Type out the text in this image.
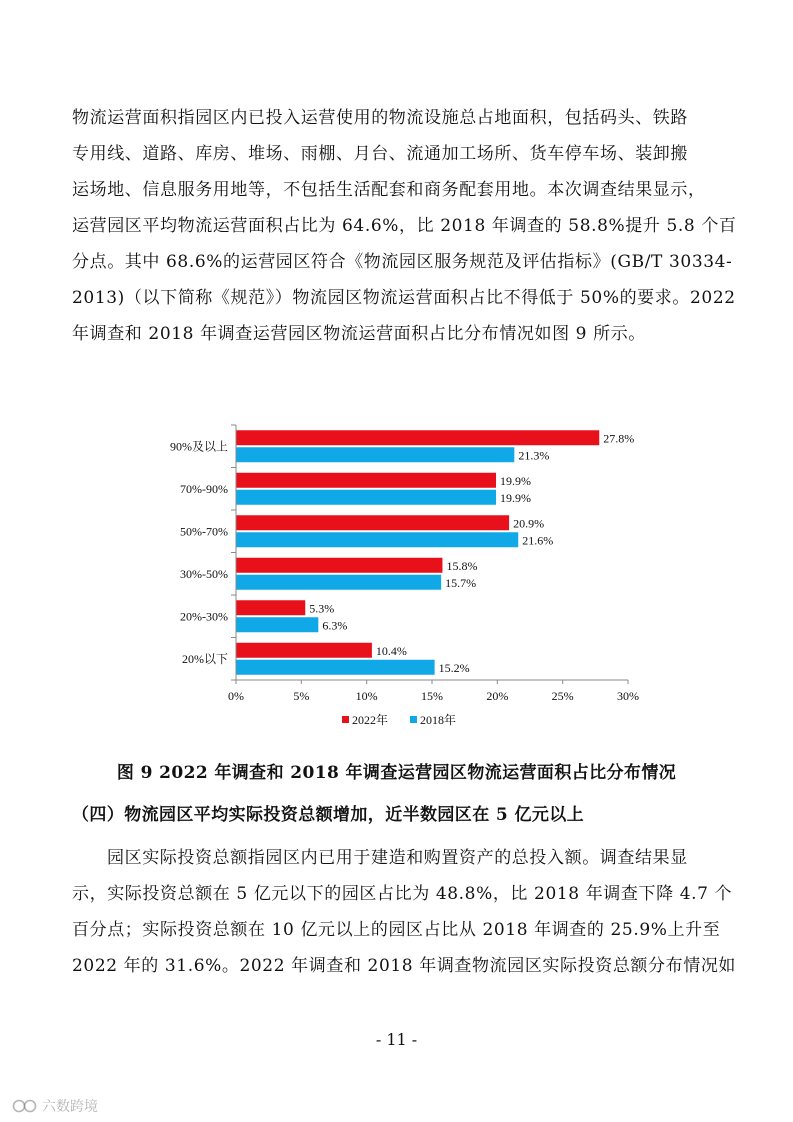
物流运营面积指园区内已投入运营使用的物流设施总占地面积，包括码头、铁路
专用线、道路、库房、堆场、雨棚、月台、流通加工场所、货车停车场、装卸搬
运场地、信息服务用地等，不包括生活配套和商务配套用地。本次调查结果显示，
运营园区平均物流运营面积占比为 64.6%，比 2018 年调查的 58.8%提升 5.8 个百
分点。其中 68.6%的运营园区符合《物流园区服务规范及评估指标》(GB/T 30334-
2013)（以下简称《规范》）物流园区物流运营面积占比不得低于 50%的要求。2022
年调查和 2018 年调查运营园区物流运营面积占比分布情况如图 9 所示。
90%及以上
27.8%
21.3%
70%-90%
19.9%
19.9%
50%-70%
20.9%
21.6%
30%-50%
15.8%
15.7%
20%-30%
5.3%
6.3%
20%以下
10.4%
15.2%
0%	5%	10%	15%	20%	25%	30%
2022年	2018年
图 9 2022 年调查和 2018 年调查运营园区物流运营面积占比分布情况
（四）物流园区平均实际投资总额增加，近半数园区在 5 亿元以上
园区实际投资总额指园区内已用于建造和购置资产的总投入额。调查结果显
示，实际投资总额在 5 亿元以下的园区占比为 48.8%，比 2018 年调查下降 4.7 个
百分点；实际投资总额在 10 亿元以上的园区占比从 2018 年调查的 25.9%上升至
2022 年的 31.6%。2022 年调查和 2018 年调查物流园区实际投资总额分布情况如
- 11 -
六数跨境
